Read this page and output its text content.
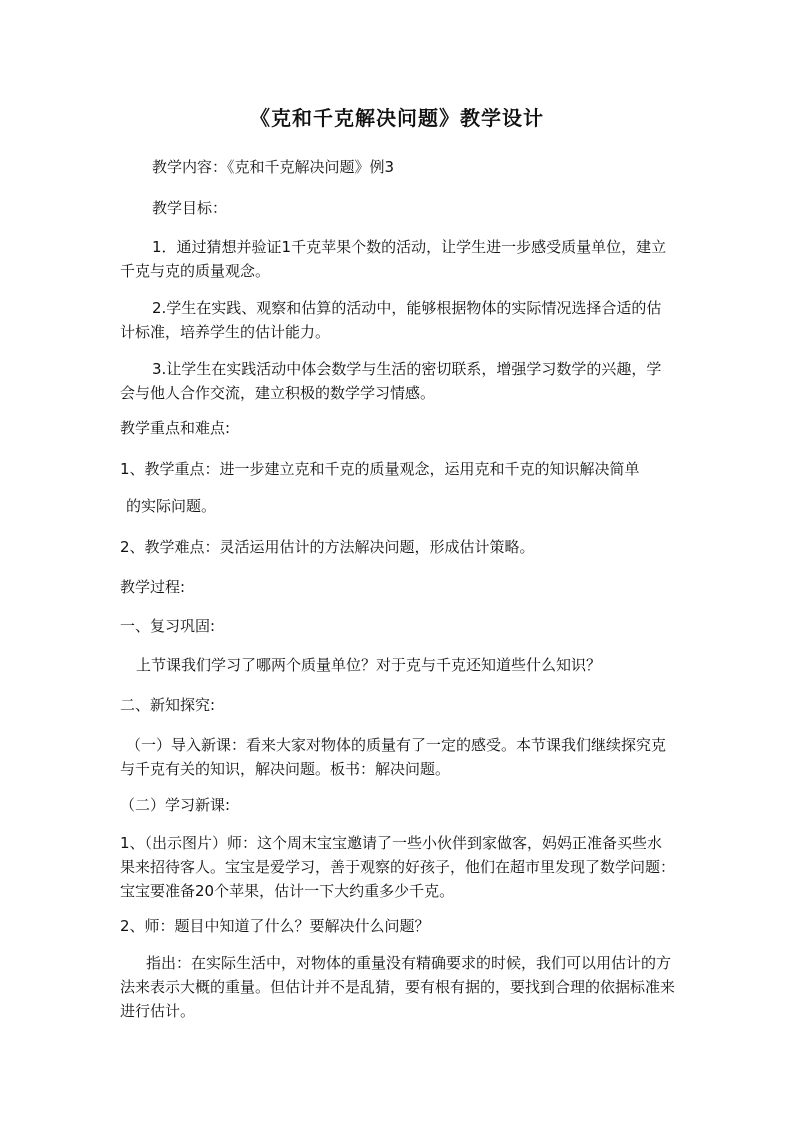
《克和千克解决问题》教学设计

教学内容：《克和千克解决问题》例3

教学目标：

1．通过猜想并验证1千克苹果个数的活动，让学生进一步感受质量单位，建立千克与克的质量观念。

2.学生在实践、观察和估算的活动中，能够根据物体的实际情况选择合适的估计标准，培养学生的估计能力。

3.让学生在实践活动中体会数学与生活的密切联系，增强学习数学的兴趣，学会与他人合作交流，建立积极的数学学习情感。

教学重点和难点:

1、教学重点：进一步建立克和千克的质量观念，运用克和千克的知识解决简单

的实际问题。

2、教学难点：灵活运用估计的方法解决问题，形成估计策略。

教学过程:

一、复习巩固:

上节课我们学习了哪两个质量单位？对于克与千克还知道些什么知识？

二、新知探究:

（一）导入新课：看来大家对物体的质量有了一定的感受。本节课我们继续探究克与千克有关的知识，解决问题。板书：解决问题。

（二）学习新课:

1、（出示图片）师：这个周末宝宝邀请了一些小伙伴到家做客，妈妈正准备买些水果来招待客人。宝宝是爱学习，善于观察的好孩子，他们在超市里发现了数学问题：宝宝要准备20个苹果，估计一下大约重多少千克。

2、师：题目中知道了什么？要解决什么问题？

指出：在实际生活中，对物体的重量没有精确要求的时候，我们可以用估计的方法来表示大概的重量。但估计并不是乱猜，要有根有据的，要找到合理的依据标准来进行估计。
